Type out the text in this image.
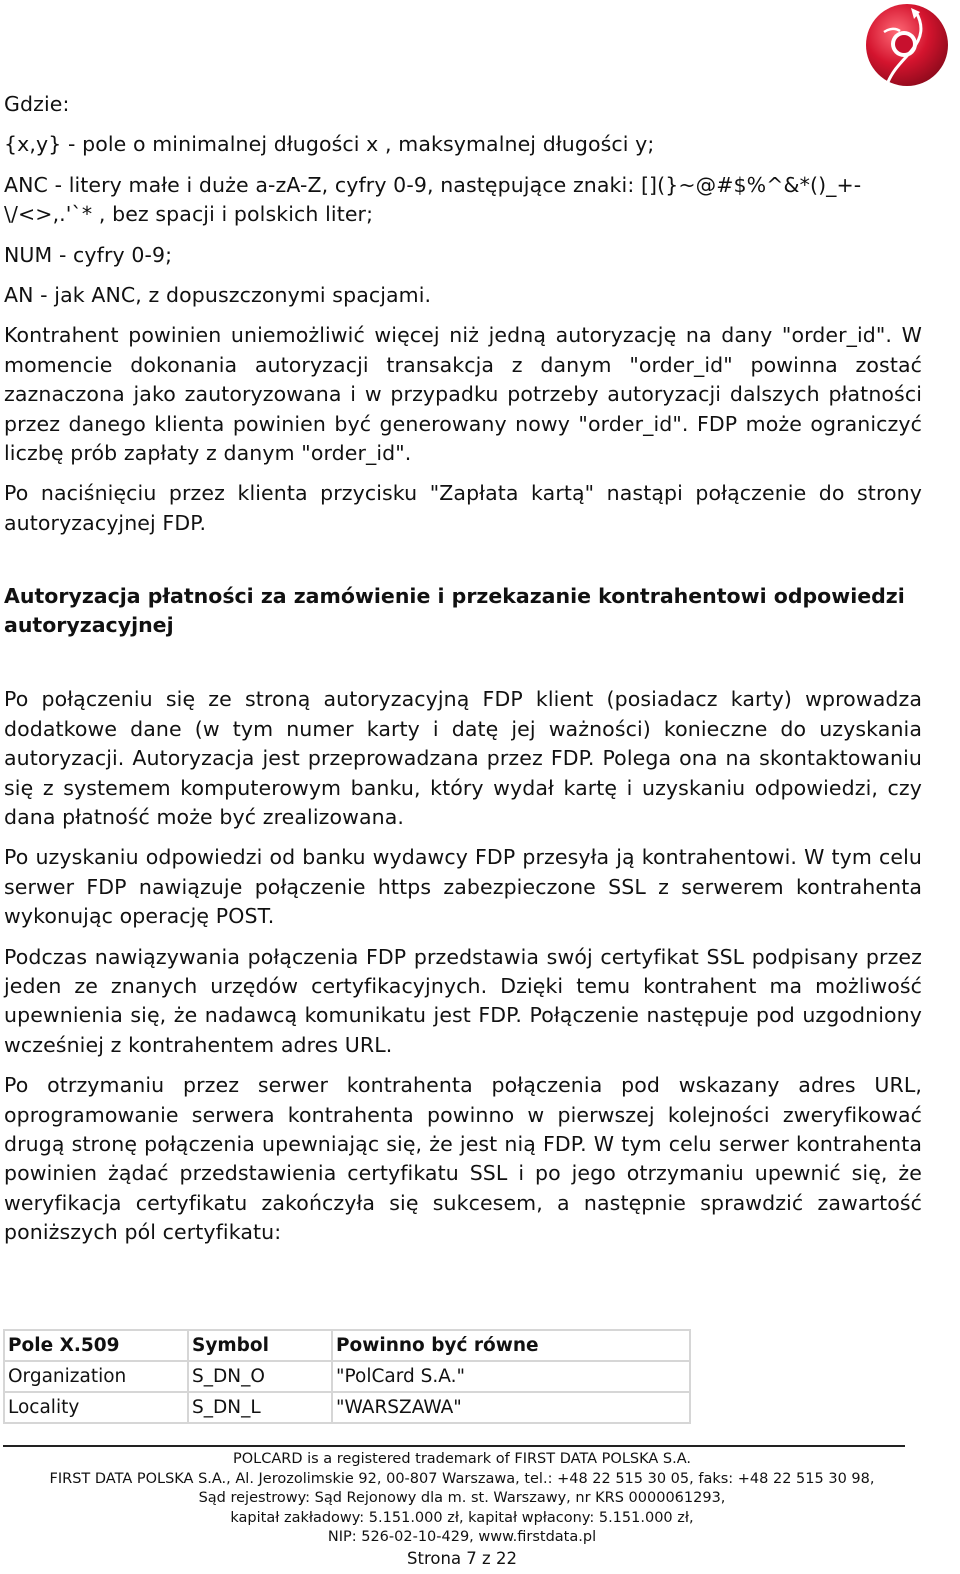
Gdzie:

{x,y} - pole o minimalnej długości x , maksymalnej długości y;

ANC - litery małe i duże a-zA-Z, cyfry 0-9, następujące znaki: [](}~@#$%^&*()_+-\/<>,.'`* , bez spacji i polskich liter;

NUM - cyfry 0-9;

AN - jak ANC, z dopuszczonymi spacjami.

Kontrahent powinien uniemożliwić więcej niż jedną autoryzację na dany "order_id". W momencie dokonania autoryzacji transakcja z danym "order_id" powinna zostać zaznaczona jako zautoryzowana i w przypadku potrzeby autoryzacji dalszych płatności przez danego klienta powinien być generowany nowy "order_id". FDP może ograniczyć liczbę prób zapłaty z danym "order_id".

Po naciśnięciu przez klienta przycisku "Zapłata kartą" nastąpi połączenie do strony autoryzacyjnej FDP.

Autoryzacja płatności za zamówienie i przekazanie kontrahentowi odpowiedzi autoryzacyjnej

Po połączeniu się ze stroną autoryzacyjną FDP klient (posiadacz karty) wprowadza dodatkowe dane (w tym numer karty i datę jej ważności) konieczne do uzyskania autoryzacji. Autoryzacja jest przeprowadzana przez FDP. Polega ona na skontaktowaniu się z systemem komputerowym banku, który wydał kartę i uzyskaniu odpowiedzi, czy dana płatność może być zrealizowana.

Po uzyskaniu odpowiedzi od banku wydawcy FDP przesyła ją kontrahentowi. W tym celu serwer FDP nawiązuje połączenie https zabezpieczone SSL z serwerem kontrahenta wykonując operację POST.

Podczas nawiązywania połączenia FDP przedstawia swój certyfikat SSL podpisany przez jeden ze znanych urzędów certyfikacyjnych. Dzięki temu kontrahent ma możliwość upewnienia się, że nadawcą komunikatu jest FDP. Połączenie następuje pod uzgodniony wcześniej z kontrahentem adres URL.

Po otrzymaniu przez serwer kontrahenta połączenia pod wskazany adres URL, oprogramowanie serwera kontrahenta powinno w pierwszej kolejności zweryfikować drugą stronę połączenia upewniając się, że jest nią FDP. W tym celu serwer kontrahenta powinien żądać przedstawienia certyfikatu SSL i po jego otrzymaniu upewnić się, że weryfikacja certyfikatu zakończyła się sukcesem, a następnie sprawdzić zawartość poniższych pól certyfikatu:

Pole X.509	Symbol	Powinno być równe
Organization	S_DN_O	"PolCard S.A."
Locality	S_DN_L	"WARSZAWA"
POLCARD is a registered trademark of FIRST DATA POLSKA S.A.
FIRST DATA POLSKA S.A., Al. Jerozolimskie 92, 00-807 Warszawa, tel.: +48 22 515 30 05, faks: +48 22 515 30 98,
Sąd rejestrowy: Sąd Rejonowy dla m. st. Warszawy, nr KRS 0000061293,
kapitał zakładowy: 5.151.000 zł, kapitał wpłacony: 5.151.000 zł,
NIP: 526-02-10-429, www.firstdata.pl
Strona 7 z 22
